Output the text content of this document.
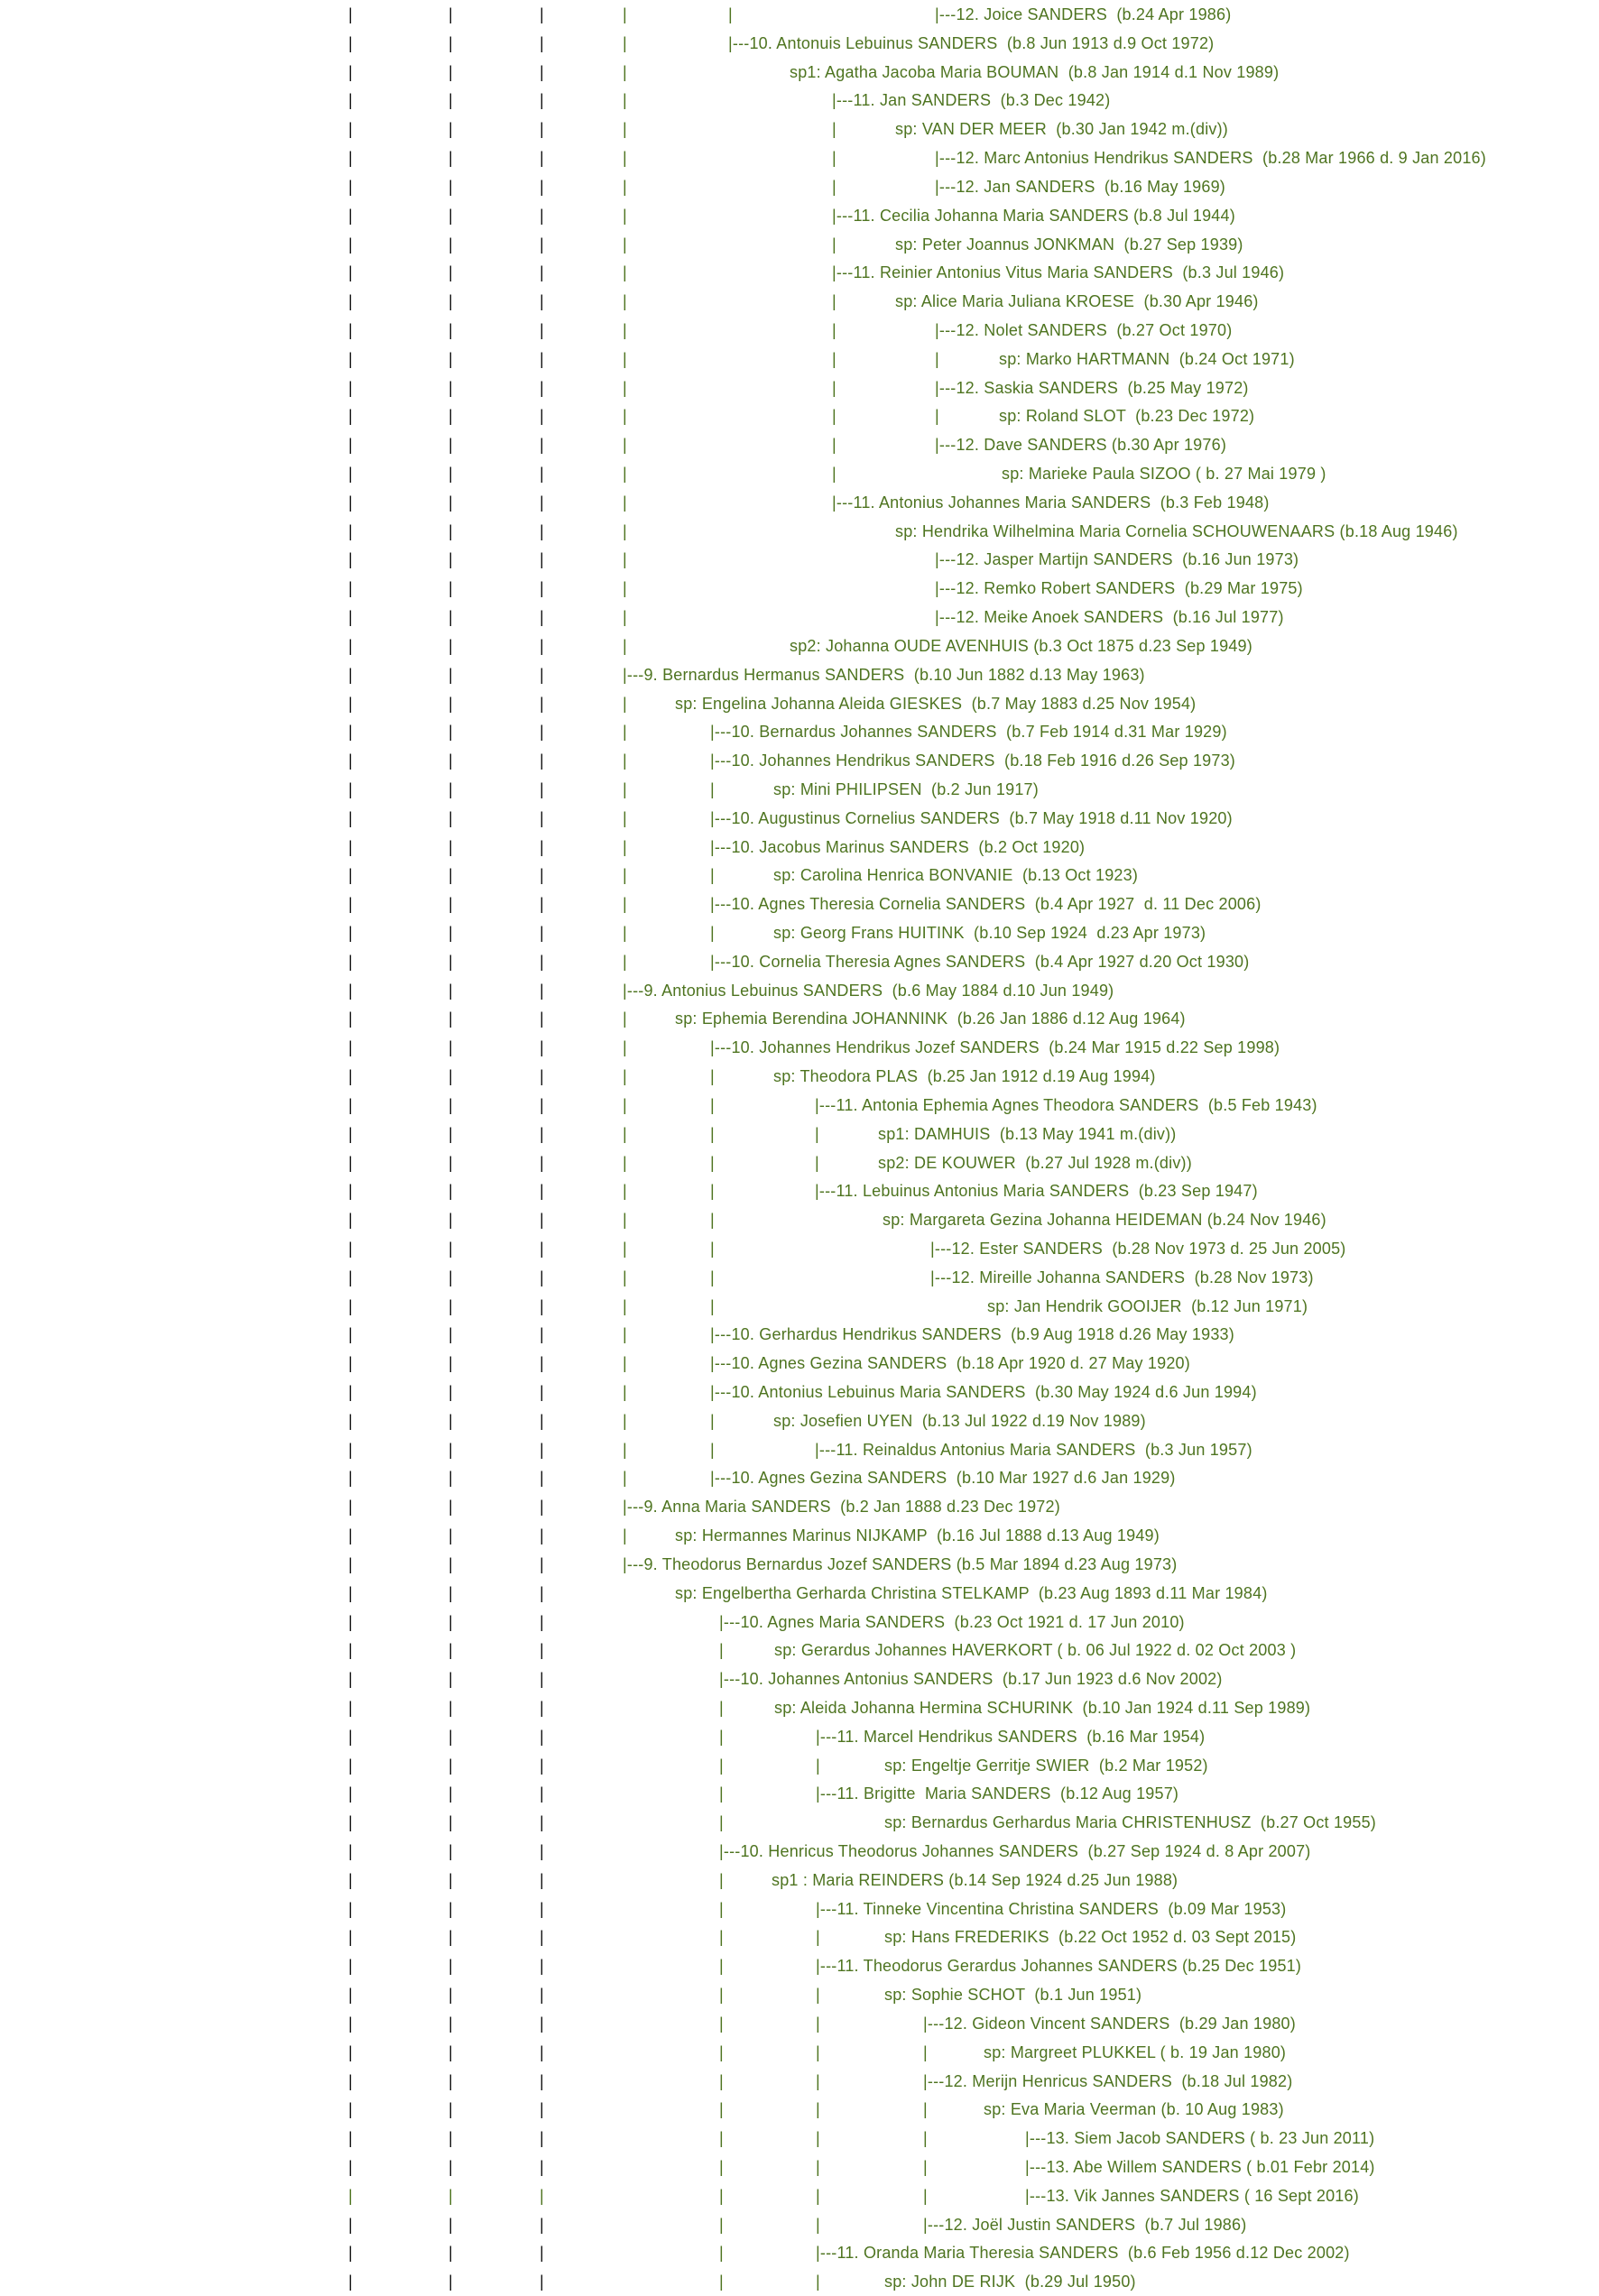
|	|	|	|	|	|---12. Joice SANDERS  (b.24 Apr 1986)
|	|	|	|	|---10. Antonuis Lebuinus SANDERS  (b.8 Jun 1913 d.9 Oct 1972)
|	|	|	|	sp1: Agatha Jacoba Maria BOUMAN  (b.8 Jan 1914 d.1 Nov 1989)
|	|	|	|	|---11. Jan SANDERS  (b.3 Dec 1942)
|	|	|	|	|	sp: VAN DER MEER  (b.30 Jan 1942 m.(div))
|	|	|	|	|	|---12. Marc Antonius Hendrikus SANDERS  (b.28 Mar 1966 d. 9 Jan 2016)
|	|	|	|	|	|---12. Jan SANDERS  (b.16 May 1969)
|	|	|	|	|---11. Cecilia Johanna Maria SANDERS (b.8 Jul 1944)
|	|	|	|	|	sp: Peter Joannus JONKMAN  (b.27 Sep 1939)
|	|	|	|	|---11. Reinier Antonius Vitus Maria SANDERS  (b.3 Jul 1946)
|	|	|	|	|	sp: Alice Maria Juliana KROESE  (b.30 Apr 1946)
|	|	|	|	|	|---12. Nolet SANDERS  (b.27 Oct 1970)
|	|	|	|	|	|	sp: Marko HARTMANN  (b.24 Oct 1971)
|	|	|	|	|	|---12. Saskia SANDERS  (b.25 May 1972)
|	|	|	|	|	|	sp: Roland SLOT  (b.23 Dec 1972)
|	|	|	|	|	|---12. Dave SANDERS (b.30 Apr 1976)
|	|	|	|	|	sp: Marieke Paula SIZOO ( b. 27 Mai 1979 )
|	|	|	|	|---11. Antonius Johannes Maria SANDERS  (b.3 Feb 1948)
|	|	|	|	sp: Hendrika Wilhelmina Maria Cornelia SCHOUWENAARS (b.18 Aug 1946)
|	|	|	|	|---12. Jasper Martijn SANDERS  (b.16 Jun 1973)
|	|	|	|	|---12. Remko Robert SANDERS  (b.29 Mar 1975)
|	|	|	|	|---12. Meike Anoek SANDERS  (b.16 Jul 1977)
|	|	|	|	sp2: Johanna OUDE AVENHUIS (b.3 Oct 1875 d.23 Sep 1949)
|	|	|	|---9. Bernardus Hermanus SANDERS  (b.10 Jun 1882 d.13 May 1963)
|	|	|	|	sp: Engelina Johanna Aleida GIESKES  (b.7 May 1883 d.25 Nov 1954)
|	|	|	|	|---10. Bernardus Johannes SANDERS  (b.7 Feb 1914 d.31 Mar 1929)
|	|	|	|	|---10. Johannes Hendrikus SANDERS  (b.18 Feb 1916 d.26 Sep 1973)
|	|	|	|	|	sp: Mini PHILIPSEN  (b.2 Jun 1917)
|	|	|	|	|---10. Augustinus Cornelius SANDERS  (b.7 May 1918 d.11 Nov 1920)
|	|	|	|	|---10. Jacobus Marinus SANDERS  (b.2 Oct 1920)
|	|	|	|	|	sp: Carolina Henrica BONVANIE  (b.13 Oct 1923)
|	|	|	|	|---10. Agnes Theresia Cornelia SANDERS  (b.4 Apr 1927  d. 11 Dec 2006)
|	|	|	|	|	sp: Georg Frans HUITINK  (b.10 Sep 1924  d.23 Apr 1973)
|	|	|	|	|---10. Cornelia Theresia Agnes SANDERS  (b.4 Apr 1927 d.20 Oct 1930)
|	|	|	|---9. Antonius Lebuinus SANDERS  (b.6 May 1884 d.10 Jun 1949)
|	|	|	|	sp: Ephemia Berendina JOHANNINK  (b.26 Jan 1886 d.12 Aug 1964)
|	|	|	|	|---10. Johannes Hendrikus Jozef SANDERS  (b.24 Mar 1915 d.22 Sep 1998)
|	|	|	|	|	sp: Theodora PLAS  (b.25 Jan 1912 d.19 Aug 1994)
|	|	|	|	|	|---11. Antonia Ephemia Agnes Theodora SANDERS  (b.5 Feb 1943)
|	|	|	|	|	|	sp1: DAMHUIS  (b.13 May 1941 m.(div))
|	|	|	|	|	|	sp2: DE KOUWER  (b.27 Jul 1928 m.(div))
|	|	|	|	|	|---11. Lebuinus Antonius Maria SANDERS  (b.23 Sep 1947)
|	|	|	|	|	sp: Margareta Gezina Johanna HEIDEMAN (b.24 Nov 1946)
|	|	|	|	|	|---12. Ester SANDERS  (b.28 Nov 1973 d. 25 Jun 2005)
|	|	|	|	|	|---12. Mireille Johanna SANDERS  (b.28 Nov 1973)
|	|	|	|	|	sp: Jan Hendrik GOOIJER  (b.12 Jun 1971)
|	|	|	|	|---10. Gerhardus Hendrikus SANDERS  (b.9 Aug 1918 d.26 May 1933)
|	|	|	|	|---10. Agnes Gezina SANDERS  (b.18 Apr 1920 d. 27 May 1920)
|	|	|	|	|---10. Antonius Lebuinus Maria SANDERS  (b.30 May 1924 d.6 Jun 1994)
|	|	|	|	|	sp: Josefien UYEN  (b.13 Jul 1922 d.19 Nov 1989)
|	|	|	|	|	|---11. Reinaldus Antonius Maria SANDERS  (b.3 Jun 1957)
|	|	|	|	|---10. Agnes Gezina SANDERS  (b.10 Mar 1927 d.6 Jan 1929)
|	|	|	|---9. Anna Maria SANDERS  (b.2 Jan 1888 d.23 Dec 1972)
|	|	|	|	sp: Hermannes Marinus NIJKAMP  (b.16 Jul 1888 d.13 Aug 1949)
|	|	|	|---9. Theodorus Bernardus Jozef SANDERS (b.5 Mar 1894 d.23 Aug 1973)
|	|	|	sp: Engelbertha Gerharda Christina STELKAMP  (b.23 Aug 1893 d.11 Mar 1984)
|	|	|	|---10. Agnes Maria SANDERS  (b.23 Oct 1921 d. 17 Jun 2010)
|	|	|	|	sp: Gerardus Johannes HAVERKORT ( b. 06 Jul 1922 d. 02 Oct 2003 )
|	|	|	|---10. Johannes Antonius SANDERS  (b.17 Jun 1923 d.6 Nov 2002)
|	|	|	|	sp: Aleida Johanna Hermina SCHURINK  (b.10 Jan 1924 d.11 Sep 1989)
|	|	|	|	|---11. Marcel Hendrikus SANDERS  (b.16 Mar 1954)
|	|	|	|	|	sp: Engeltje Gerritje SWIER  (b.2 Mar 1952)
|	|	|	|	|---11. Brigitte  Maria SANDERS  (b.12 Aug 1957)
|	|	|	|	sp: Bernardus Gerhardus Maria CHRISTENHUSZ  (b.27 Oct 1955)
|	|	|	|---10. Henricus Theodorus Johannes SANDERS  (b.27 Sep 1924 d. 8 Apr 2007)
|	|	|	|	sp1 : Maria REINDERS (b.14 Sep 1924 d.25 Jun 1988)
|	|	|	|	|---11. Tinneke Vincentina Christina SANDERS  (b.09 Mar 1953)
|	|	|	|	|	sp: Hans FREDERIKS  (b.22 Oct 1952 d. 03 Sept 2015)
|	|	|	|	|---11. Theodorus Gerardus Johannes SANDERS (b.25 Dec 1951)
|	|	|	|	|	sp: Sophie SCHOT  (b.1 Jun 1951)
|	|	|	|	|	|---12. Gideon Vincent SANDERS  (b.29 Jan 1980)
|	|	|	|	|	|	sp: Margreet PLUKKEL ( b. 19 Jan 1980)
|	|	|	|	|	|---12. Merijn Henricus SANDERS  (b.18 Jul 1982)
|	|	|	|	|	|	sp: Eva Maria Veerman (b. 10 Aug 1983)
|	|	|	|	|	|	|---13. Siem Jacob SANDERS ( b. 23 Jun 2011)
|	|	|	|	|	|	|---13. Abe Willem SANDERS ( b.01 Febr 2014)
|	|	|	|	|	|	|---13. Vik Jannes SANDERS ( 16 Sept 2016)
|	|	|	|	|	|---12. Joël Justin SANDERS  (b.7 Jul 1986)
|	|	|	|	|---11. Oranda Maria Theresia SANDERS  (b.6 Feb 1956 d.12 Dec 2002)
|	|	|	|	|	sp: John DE RIJK  (b.29 Jul 1950)
